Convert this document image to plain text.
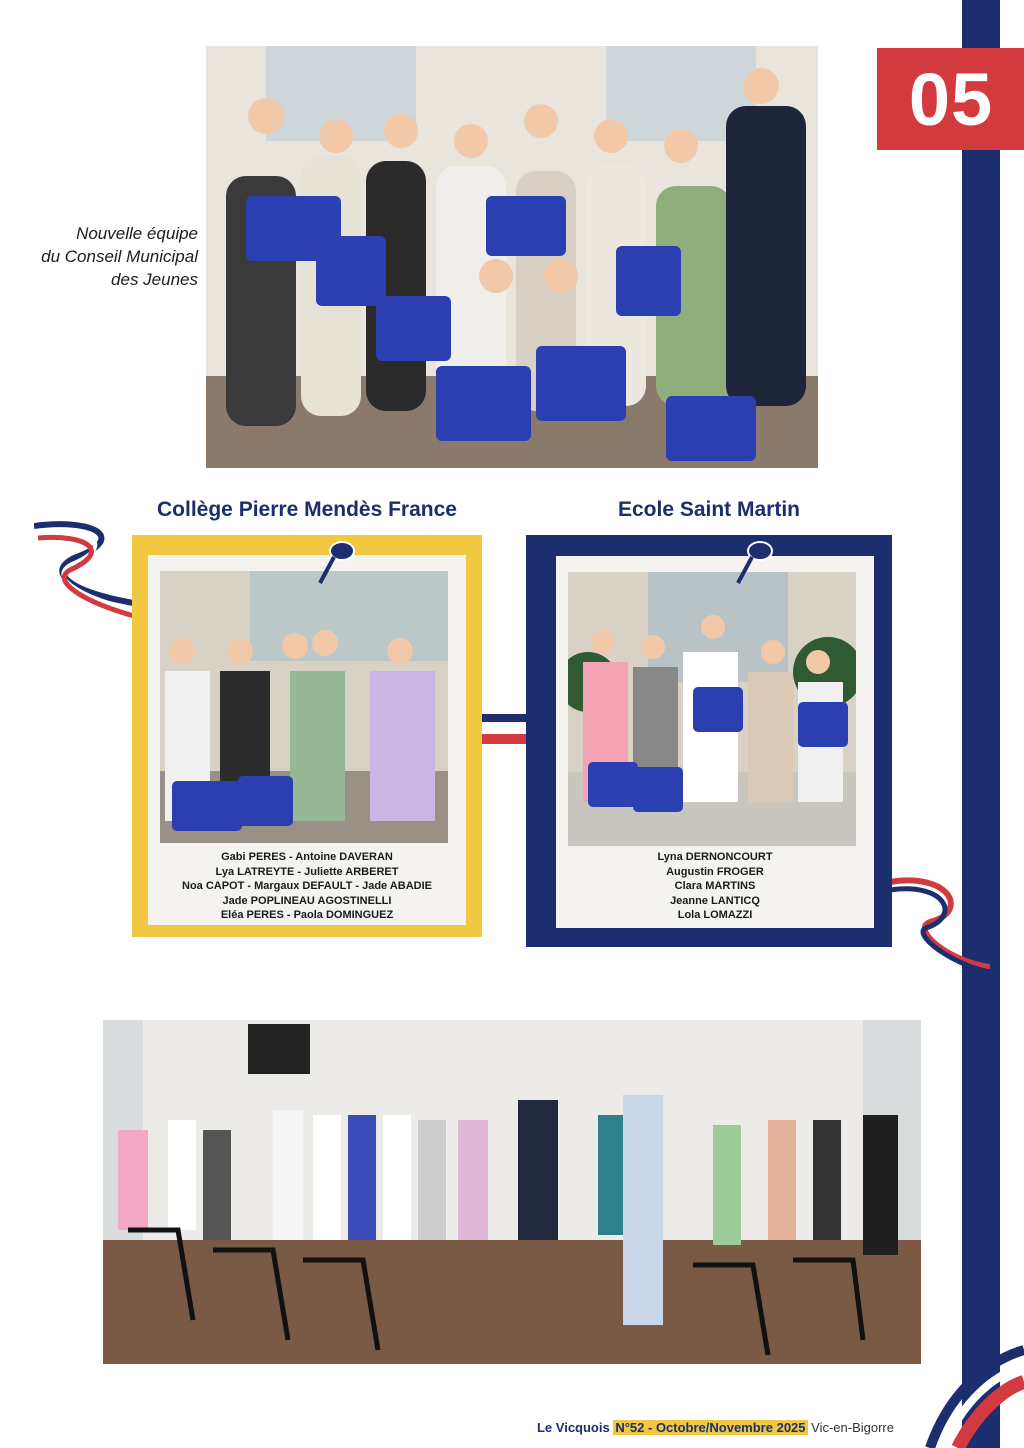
05
Nouvelle équipe
du Conseil Municipal
des Jeunes
Collège Pierre Mendès France	Ecole Saint Martin
Gabi PERES - Antoine DAVERAN
Lya LATREYTE - Juliette ARBERET
Noa CAPOT - Margaux DEFAULT - Jade ABADIE
Jade POPLINEAU AGOSTINELLI
Eléa PERES - Paola DOMINGUEZ
Lyna DERNONCOURT
Augustin FROGER
Clara MARTINS
Jeanne LANTICQ
Lola LOMAZZI
Le Vicquois N°52 - Octobre/Novembre 2025 Vic-en-Bigorre
